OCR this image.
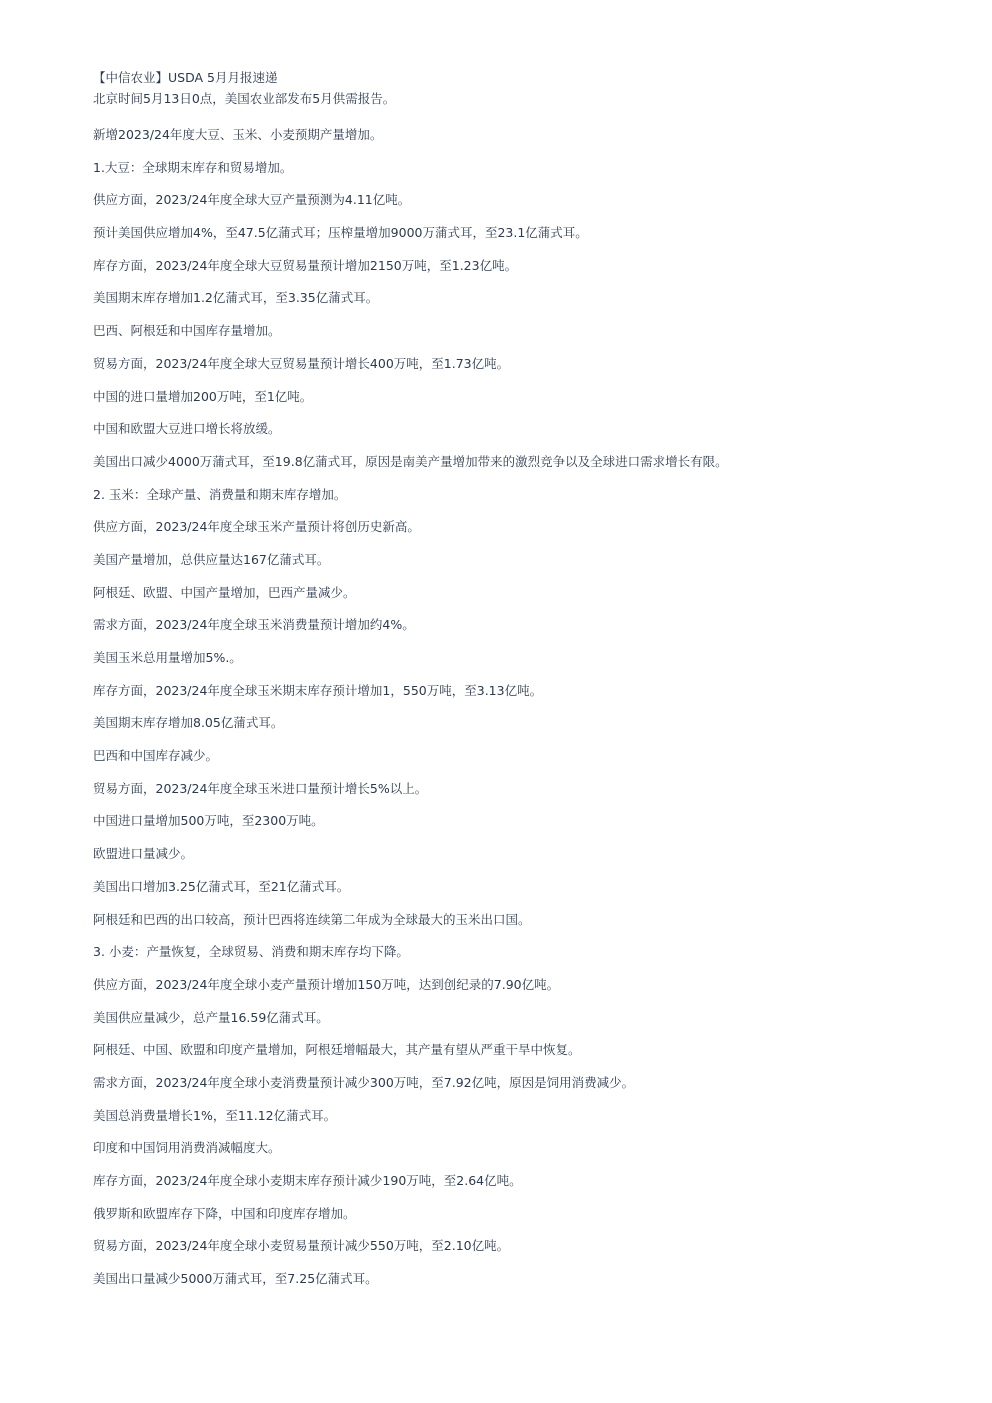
【中信农业】USDA 5月月报速递

北京时间5月13日0点，美国农业部发布5月供需报告。

新增2023/24年度大豆、玉米、小麦预期产量增加。

1.大豆：全球期末库存和贸易增加。

供应方面，2023/24年度全球大豆产量预测为4.11亿吨。

预计美国供应增加4%，至47.5亿蒲式耳；压榨量增加9000万蒲式耳，至23.1亿蒲式耳。

库存方面，2023/24年度全球大豆贸易量预计增加2150万吨，至1.23亿吨。

美国期末库存增加1.2亿蒲式耳，至3.35亿蒲式耳。

巴西、阿根廷和中国库存量增加。

贸易方面，2023/24年度全球大豆贸易量预计增长400万吨，至1.73亿吨。

中国的进口量增加200万吨，至1亿吨。

中国和欧盟大豆进口增长将放缓。

美国出口减少4000万蒲式耳，至19.8亿蒲式耳，原因是南美产量增加带来的激烈竞争以及全球进口需求增长有限。

2. 玉米：全球产量、消费量和期末库存增加。

供应方面，2023/24年度全球玉米产量预计将创历史新高。

美国产量增加，总供应量达167亿蒲式耳。

阿根廷、欧盟、中国产量增加，巴西产量减少。

需求方面，2023/24年度全球玉米消费量预计增加约4%。

美国玉米总用量增加5%.。

库存方面，2023/24年度全球玉米期末库存预计增加1，550万吨，至3.13亿吨。

美国期末库存增加8.05亿蒲式耳。

巴西和中国库存减少。

贸易方面，2023/24年度全球玉米进口量预计增长5%以上。

中国进口量增加500万吨，至2300万吨。

欧盟进口量减少。

美国出口增加3.25亿蒲式耳，至21亿蒲式耳。

阿根廷和巴西的出口较高，预计巴西将连续第二年成为全球最大的玉米出口国。

3. 小麦：产量恢复，全球贸易、消费和期末库存均下降。

供应方面，2023/24年度全球小麦产量预计增加150万吨，达到创纪录的7.90亿吨。

美国供应量减少，总产量16.59亿蒲式耳。

阿根廷、中国、欧盟和印度产量增加，阿根廷增幅最大，其产量有望从严重干旱中恢复。

需求方面，2023/24年度全球小麦消费量预计减少300万吨，至7.92亿吨，原因是饲用消费减少。

美国总消费量增长1%，至11.12亿蒲式耳。

印度和中国饲用消费消减幅度大。

库存方面，2023/24年度全球小麦期末库存预计减少190万吨，至2.64亿吨。

俄罗斯和欧盟库存下降，中国和印度库存增加。

贸易方面，2023/24年度全球小麦贸易量预计减少550万吨，至2.10亿吨。

美国出口量减少5000万蒲式耳，至7.25亿蒲式耳。
